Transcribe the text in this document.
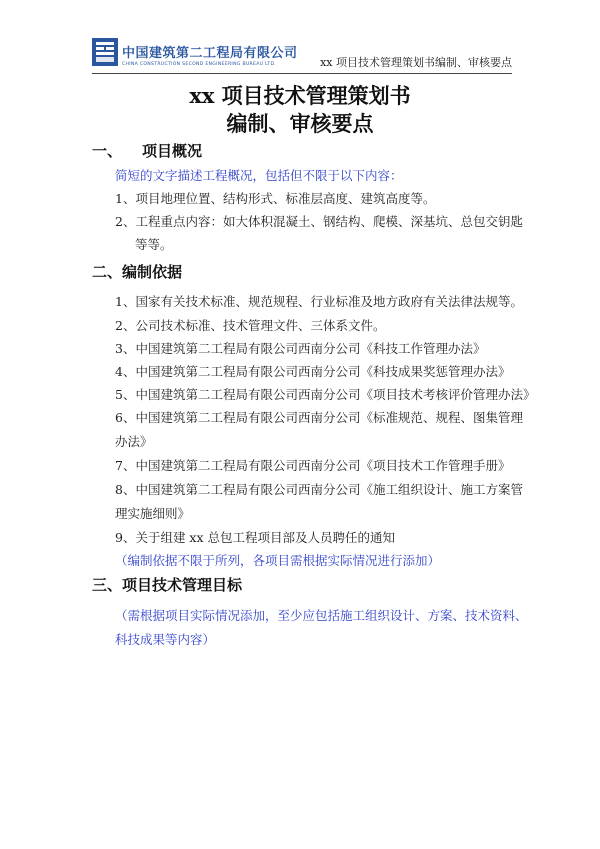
中国建筑第二工程局有限公司
CHINA CONSTRUCTION SECOND ENGINEERING BUREAU LTD.	xx 项目技术管理策划书编制、审核要点
xx 项目技术管理策划书
编制、审核要点
一、 项目概况
简短的文字描述工程概况，包括但不限于以下内容：
1、项目地理位置、结构形式、标准层高度、建筑高度等。
2、工程重点内容：如大体积混凝土、钢结构、爬模、深基坑、总包交钥匙
等等。
二、编制依据
1、国家有关技术标准、规范规程、行业标准及地方政府有关法律法规等。
2、公司技术标准、技术管理文件、三体系文件。
3、中国建筑第二工程局有限公司西南分公司《科技工作管理办法》
4、中国建筑第二工程局有限公司西南分公司《科技成果奖惩管理办法》
5、中国建筑第二工程局有限公司西南分公司《项目技术考核评价管理办法》
6、中国建筑第二工程局有限公司西南分公司《标准规范、规程、图集管理
办法》
7、中国建筑第二工程局有限公司西南分公司《项目技术工作管理手册》
8、中国建筑第二工程局有限公司西南分公司《施工组织设计、施工方案管
理实施细则》
9、关于组建 xx 总包工程项目部及人员聘任的通知
（编制依据不限于所列，各项目需根据实际情况进行添加）
三、项目技术管理目标
（需根据项目实际情况添加，至少应包括施工组织设计、方案、技术资料、
科技成果等内容）
